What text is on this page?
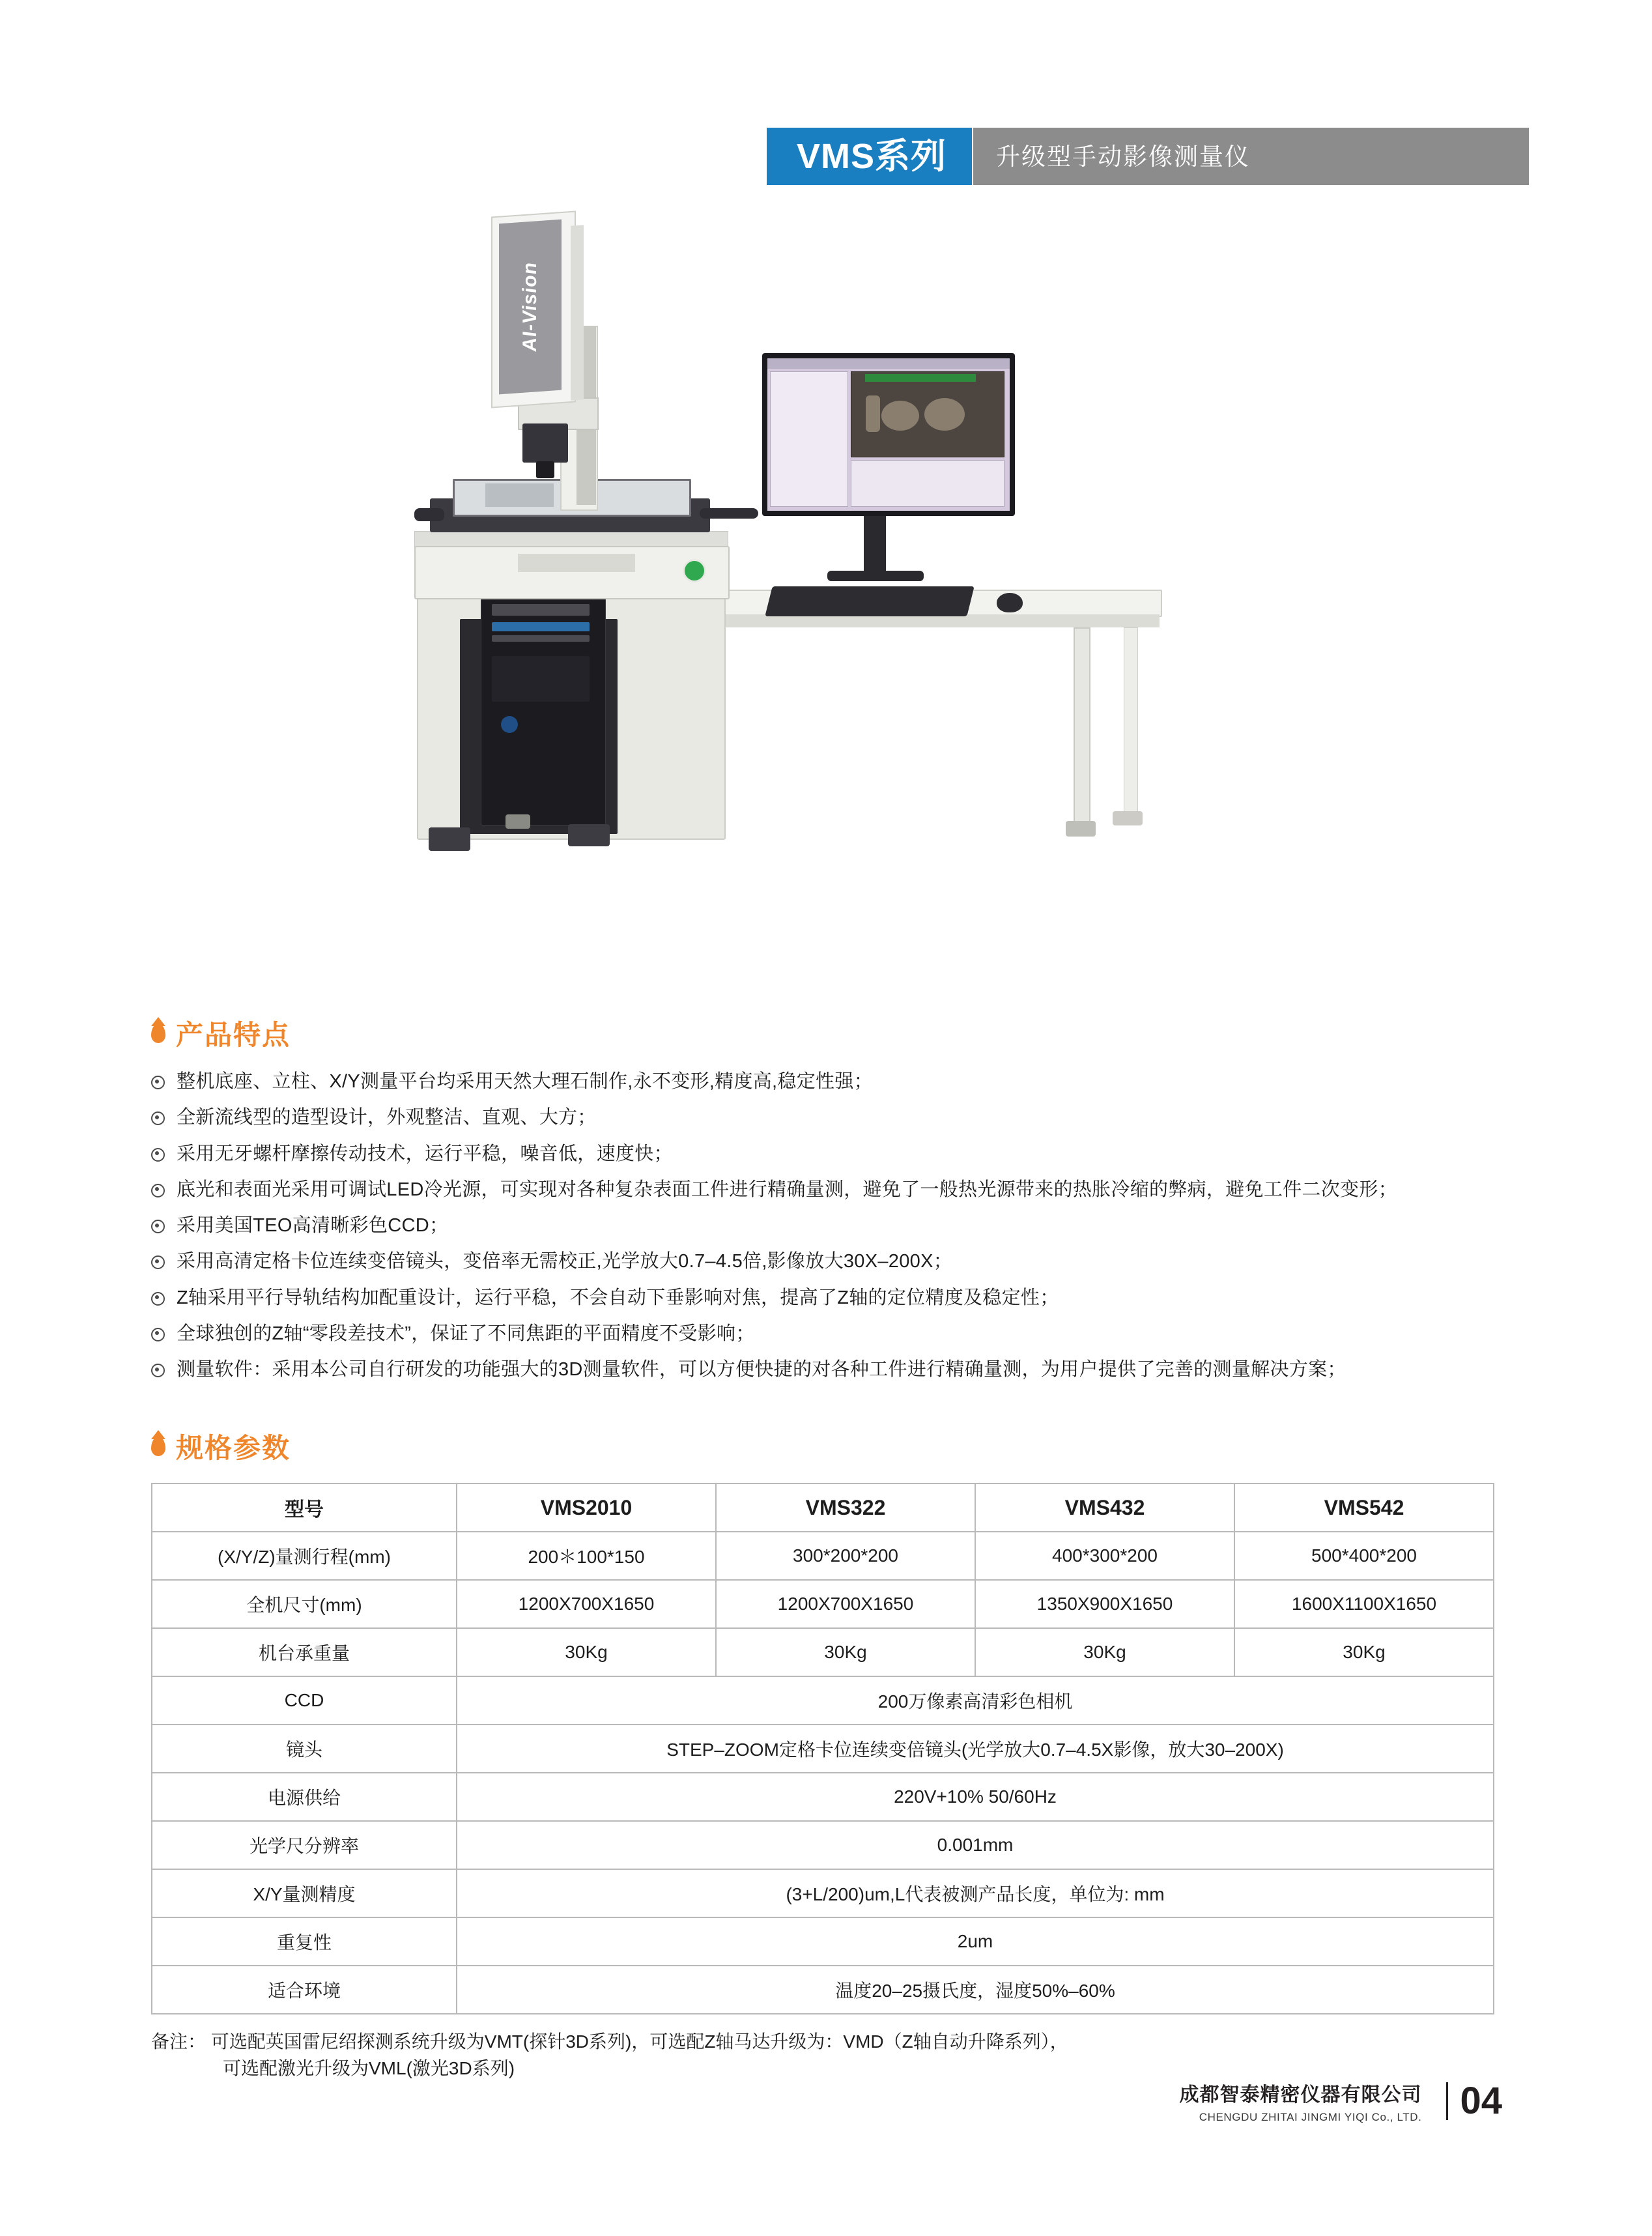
VMS系列 升级型手动影像测量仪
AI-Vision
产品特点
整机底座、立柱、X/Y测量平台均采用天然大理石制作,永不变形,精度高,稳定性强；
全新流线型的造型设计，外观整洁、直观、大方；
采用无牙螺杆摩擦传动技术，运行平稳，噪音低，速度快；
底光和表面光采用可调试LED冷光源，可实现对各种复杂表面工件进行精确量测，避免了一般热光源带来的热胀冷缩的弊病，避免工件二次变形；
采用美国TEO高清晰彩色CCD；
采用高清定格卡位连续变倍镜头，变倍率无需校正,光学放大0.7–4.5倍,影像放大30X–200X；
Z轴采用平行导轨结构加配重设计，运行平稳，不会自动下垂影响对焦，提高了Z轴的定位精度及稳定性；
全球独创的Z轴“零段差技术”，保证了不同焦距的平面精度不受影响；
测量软件：采用本公司自行研发的功能强大的3D测量软件，可以方便快捷的对各种工件进行精确量测，为用户提供了完善的测量解决方案；
规格参数
型号	VMS2010	VMS322	VMS432	VMS542
(X/Y/Z)量测行程(mm)	200＊100*150	300*200*200	400*300*200	500*400*200
全机尺寸(mm)	1200X700X1650	1200X700X1650	1350X900X1650	1600X1100X1650
机台承重量	30Kg	30Kg	30Kg	30Kg
CCD	200万像素高清彩色相机			
镜头	STEP–ZOOM定格卡位连续变倍镜头(光学放大0.7–4.5X影像，放大30–200X)			
电源供给	220V+10% 50/60Hz			
光学尺分辨率	0.001mm			
X/Y量测精度	(3+L/200)um,L代表被测产品长度，单位为: mm			
重复性	2um			
适合环境	温度20–25摄氏度，湿度50%–60%			
备注： 可选配英国雷尼绍探测系统升级为VMT(探针3D系列)，可选配Z轴马达升级为：VMD（Z轴自动升降系列），
可选配激光升级为VML(激光3D系列)
成都智泰精密仪器有限公司
CHENGDU ZHITAI JINGMI YIQI Co., LTD. 04
